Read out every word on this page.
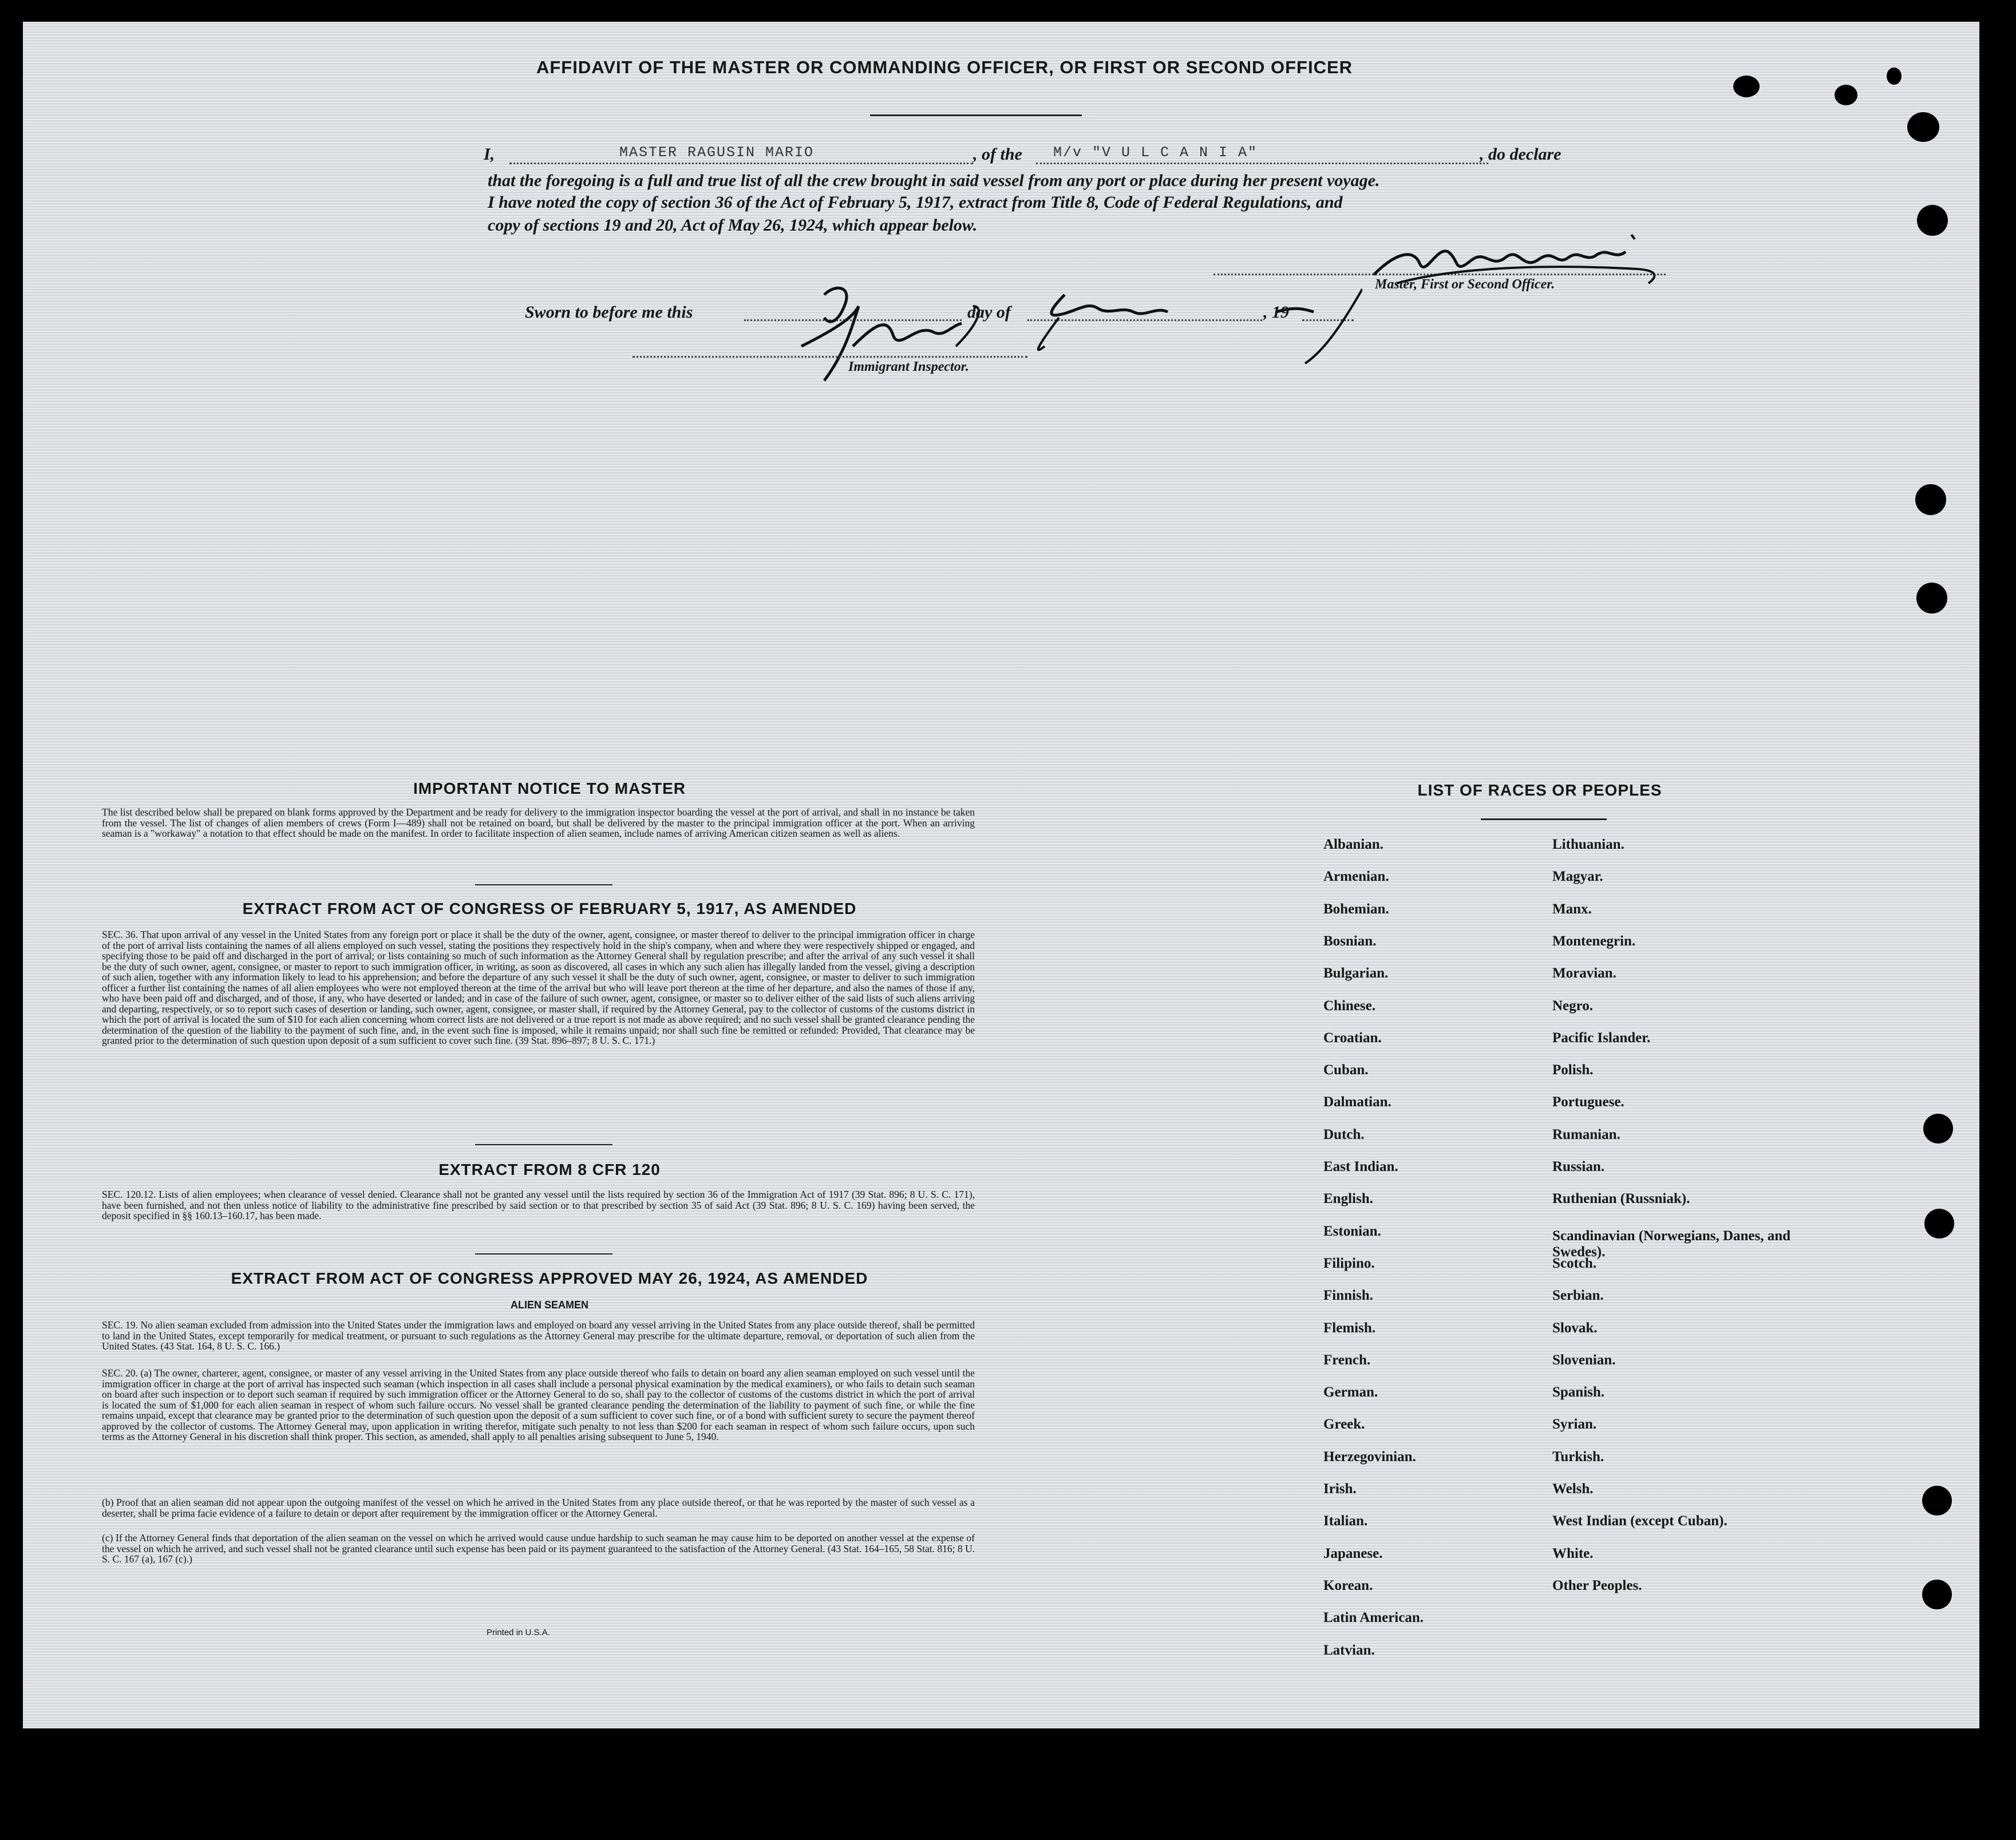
AFFIDAVIT OF THE MASTER OR COMMANDING OFFICER, OR FIRST OR SECOND OFFICER
I,	MASTER RAGUSIN MARIO	, of the M/v "V U L C A N I A"	, do declare
that the foregoing is a full and true list of all the crew brought in said vessel from any port or place during her present voyage.
I have noted the copy of section 36 of the Act of February 5, 1917, extract from Title 8, Code of Federal Regulations, and
copy of sections 19 and 20, Act of May 26, 1924, which appear below.
Master, First or Second Officer.
Sworn to before me this	day of	, 19
Immigrant Inspector.
IMPORTANT NOTICE TO MASTER

The list described below shall be prepared on blank forms approved by the Department and be ready for delivery to the immigration inspector boarding the vessel at the port of arrival, and shall in no instance be taken from the vessel. The list of changes of alien members of crews (Form I—489) shall not be retained on board, but shall be delivered by the master to the principal immigration officer at the port. When an arriving seaman is a "workaway" a notation to that effect should be made on the manifest. In order to facilitate inspection of alien seamen, include names of arriving American citizen seamen as well as aliens.

EXTRACT FROM ACT OF CONGRESS OF FEBRUARY 5, 1917, AS AMENDED

SEC. 36. That upon arrival of any vessel in the United States from any foreign port or place it shall be the duty of the owner, agent, consignee, or master thereof to deliver to the principal immigration officer in charge of the port of arrival lists containing the names of all aliens employed on such vessel, stating the positions they respectively hold in the ship's company, when and where they were respectively shipped or engaged, and specifying those to be paid off and discharged in the port of arrival; or lists containing so much of such information as the Attorney General shall by regulation prescribe; and after the arrival of any such vessel it shall be the duty of such owner, agent, consignee, or master to report to such immigration officer, in writing, as soon as discovered, all cases in which any such alien has illegally landed from the vessel, giving a description of such alien, together with any information likely to lead to his apprehension; and before the departure of any such vessel it shall be the duty of such owner, agent, consignee, or master to deliver to such immigration officer a further list containing the names of all alien employees who were not employed thereon at the time of the arrival but who will leave port thereon at the time of her departure, and also the names of those if any, who have been paid off and discharged, and of those, if any, who have deserted or landed; and in case of the failure of such owner, agent, consignee, or master so to deliver either of the said lists of such aliens arriving and departing, respectively, or so to report such cases of desertion or landing, such owner, agent, consignee, or master shall, if required by the Attorney General, pay to the collector of customs of the customs district in which the port of arrival is located the sum of $10 for each alien concerning whom correct lists are not delivered or a true report is not made as above required; and no such vessel shall be granted clearance pending the determination of the question of the liability to the payment of such fine, and, in the event such fine is imposed, while it remains unpaid; nor shall such fine be remitted or refunded: Provided, That clearance may be granted prior to the determination of such question upon deposit of a sum sufficient to cover such fine. (39 Stat. 896–897; 8 U. S. C. 171.)

EXTRACT FROM 8 CFR 120

SEC. 120.12. Lists of alien employees; when clearance of vessel denied. Clearance shall not be granted any vessel until the lists required by section 36 of the Immigration Act of 1917 (39 Stat. 896; 8 U. S. C. 171), have been furnished, and not then unless notice of liability to the administrative fine prescribed by said section or to that prescribed by section 35 of said Act (39 Stat. 896; 8 U. S. C. 169) having been served, the deposit specified in §§ 160.13–160.17, has been made.

EXTRACT FROM ACT OF CONGRESS APPROVED MAY 26, 1924, AS AMENDED
ALIEN SEAMEN

SEC. 19. No alien seaman excluded from admission into the United States under the immigration laws and employed on board any vessel arriving in the United States from any place outside thereof, shall be permitted to land in the United States, except temporarily for medical treatment, or pursuant to such regulations as the Attorney General may prescribe for the ultimate departure, removal, or deportation of such alien from the United States. (43 Stat. 164, 8 U. S. C. 166.)

SEC. 20. (a) The owner, charterer, agent, consignee, or master of any vessel arriving in the United States from any place outside thereof who fails to detain on board any alien seaman employed on such vessel until the immigration officer in charge at the port of arrival has inspected such seaman (which inspection in all cases shall include a personal physical examination by the medical examiners), or who fails to detain such seaman on board after such inspection or to deport such seaman if required by such immigration officer or the Attorney General to do so, shall pay to the collector of customs of the customs district in which the port of arrival is located the sum of $1,000 for each alien seaman in respect of whom such failure occurs. No vessel shall be granted clearance pending the determination of the liability to payment of such fine, or while the fine remains unpaid, except that clearance may be granted prior to the determination of such question upon the deposit of a sum sufficient to cover such fine, or of a bond with sufficient surety to secure the payment thereof approved by the collector of customs. The Attorney General may, upon application in writing therefor, mitigate such penalty to not less than $200 for each seaman in respect of whom such failure occurs, upon such terms as the Attorney General in his discretion shall think proper. This section, as amended, shall apply to all penalties arising subsequent to June 5, 1940.

(b) Proof that an alien seaman did not appear upon the outgoing manifest of the vessel on which he arrived in the United States from any place outside thereof, or that he was reported by the master of such vessel as a deserter, shall be prima facie evidence of a failure to detain or deport after requirement by the immigration officer or the Attorney General.

(c) If the Attorney General finds that deportation of the alien seaman on the vessel on which he arrived would cause undue hardship to such seaman he may cause him to be deported on another vessel at the expense of the vessel on which he arrived, and such vessel shall not be granted clearance until such expense has been paid or its payment guaranteed to the satisfaction of the Attorney General. (43 Stat. 164–165, 58 Stat. 816; 8 U. S. C. 167 (a), 167 (c).)

Printed in U.S.A.
LIST OF RACES OR PEOPLES
Albanian.
Armenian.
Bohemian.
Bosnian.
Bulgarian.
Chinese.
Croatian.
Cuban.
Dalmatian.
Dutch.
East Indian.
English.
Estonian.
Filipino.
Finnish.
Flemish.
French.
German.
Greek.
Herzegovinian.
Irish.
Italian.
Japanese.
Korean.
Latin American.
Latvian.
Lithuanian.
Magyar.
Manx.
Montenegrin.
Moravian.
Negro.
Pacific Islander.
Polish.
Portuguese.
Rumanian.
Russian.
Ruthenian (Russniak).
Scandinavian (Norwegians, Danes, and Swedes).
Scotch.
Serbian.
Slovak.
Slovenian.
Spanish.
Syrian.
Turkish.
Welsh.
West Indian (except Cuban).
White.
Other Peoples.
